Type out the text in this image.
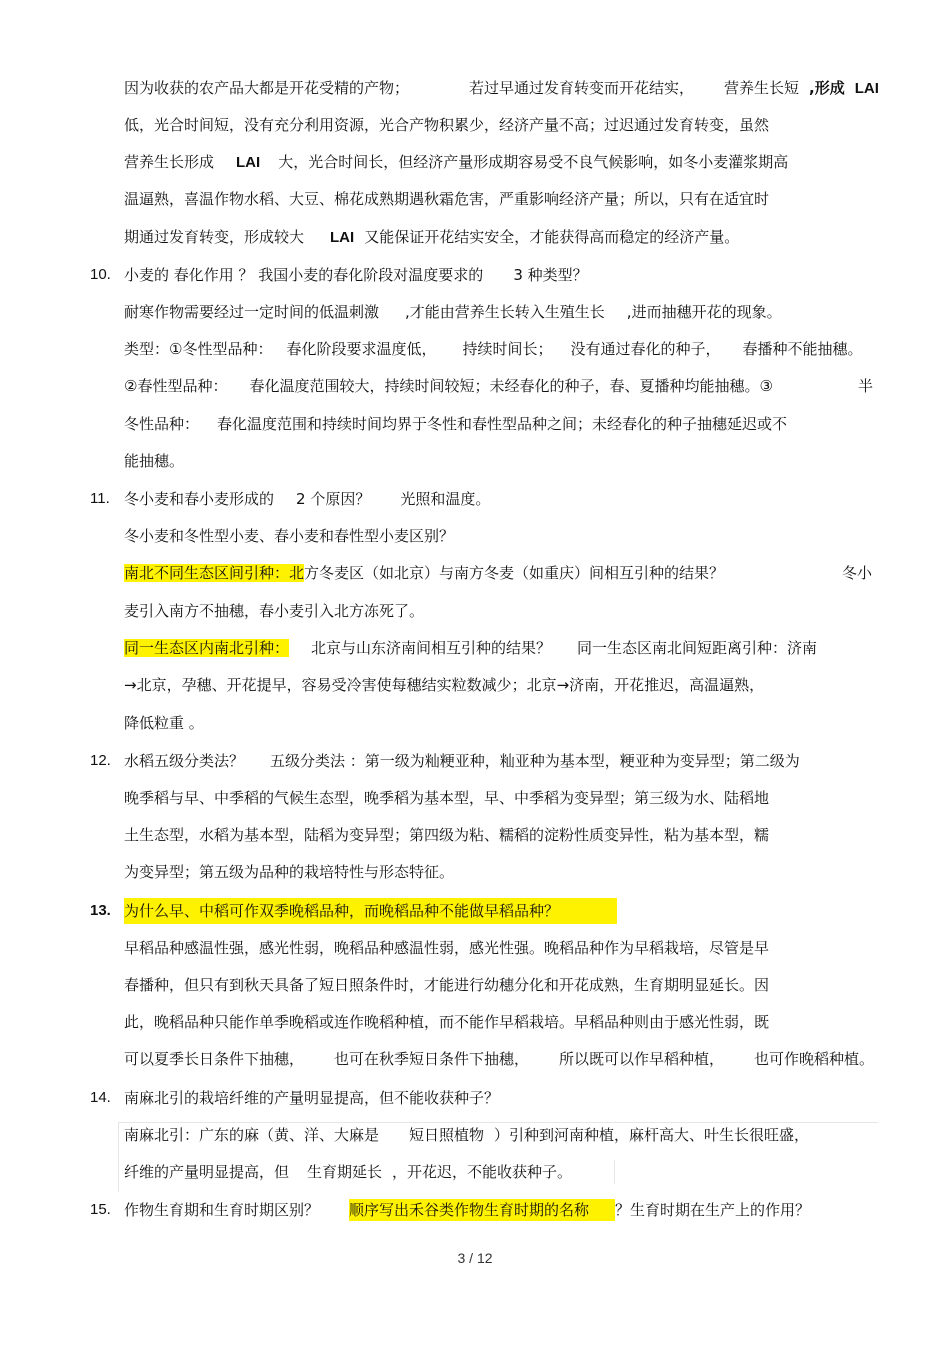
因为收获的农产品大都是开花受精的产物；	若过早通过发育转变而开花结实， 营养生长短 ,形成 LAI
低，光合时间短，没有充分利用资源，光合产物积累少，经济产量不高；过迟通过发育转变，虽然
营养生长形成 LAI 大，光合时间长，但经济产量形成期容易受不良气候影响，如冬小麦灌浆期高
温逼熟，喜温作物水稻、大豆、棉花成熟期遇秋霜危害，严重影响经济产量；所以，只有在适宜时
期通过发育转变，形成较大 LAI 又能保证开花结实安全，才能获得高而稳定的经济产量。
10. 小麦的 春化作用 ？ 我国小麦的春化阶段对温度要求的 3 种类型？
耐寒作物需要经过一定时间的低温刺激 ,才能由营养生长转入生殖生长 ,进而抽穗开花的现象。
类型：①冬性型品种： 春化阶段要求温度低， 持续时间长； 没有通过春化的种子， 春播种不能抽穗。
②春性型品种： 春化温度范围较大，持续时间较短；未经春化的种子，春、夏播种均能抽穗。③	半
冬性品种： 春化温度范围和持续时间均界于冬性和春性型品种之间；未经春化的种子抽穗延迟或不
能抽穗。
11. 冬小麦和春小麦形成的 2 个原因？ 光照和温度。
冬小麦和冬性型小麦、春小麦和春性型小麦区别？
南北不同生态区间引种：北方冬麦区（如北京）与南方冬麦（如重庆）间相互引种的结果？	冬小
麦引入南方不抽穗，春小麦引入北方冻死了。
同一生态区内南北引种： 北京与山东济南间相互引种的结果？ 同一生态区南北间短距离引种：济南
→北京，孕穗、开花提早，容易受冷害使每穗结实粒数减少；北京→济南，开花推迟，高温逼熟，
降低粒重 。
12. 水稻五级分类法？ 五级分类法 ：第一级为籼粳亚种，籼亚种为基本型，粳亚种为变异型；第二级为
晚季稻与早、中季稻的气候生态型，晚季稻为基本型，早、中季稻为变异型；第三级为水、陆稻地
土生态型，水稻为基本型，陆稻为变异型；第四级为粘、糯稻的淀粉性质变异性，粘为基本型，糯
为变异型；第五级为品种的栽培特性与形态特征。
13. 为什么早、中稻可作双季晚稻品种，而晚稻品种不能做早稻品种？
早稻品种感温性强，感光性弱，晚稻品种感温性弱，感光性强。晚稻品种作为早稻栽培，尽管是早
春播种，但只有到秋天具备了短日照条件时，才能进行幼穗分化和开花成熟，生育期明显延长。因
此，晚稻品种只能作单季晚稻或连作晚稻种植，而不能作早稻栽培。早稻品种则由于感光性弱，既
可以夏季长日条件下抽穗， 也可在秋季短日条件下抽穗， 所以既可以作早稻种植， 也可作晚稻种植。
14. 南麻北引的栽培纤维的产量明显提高，但不能收获种子？
南麻北引：广东的麻（黄、洋、大麻是 短日照植物 ）引种到河南种植，麻杆高大、叶生长很旺盛，
纤维的产量明显提高，但 生育期延长 ，开花迟，不能收获种子。
15. 作物生育期和生育时期区别？ 顺序写出禾谷类作物生育时期的名称 ？生育时期在生产上的作用？
3 / 12
